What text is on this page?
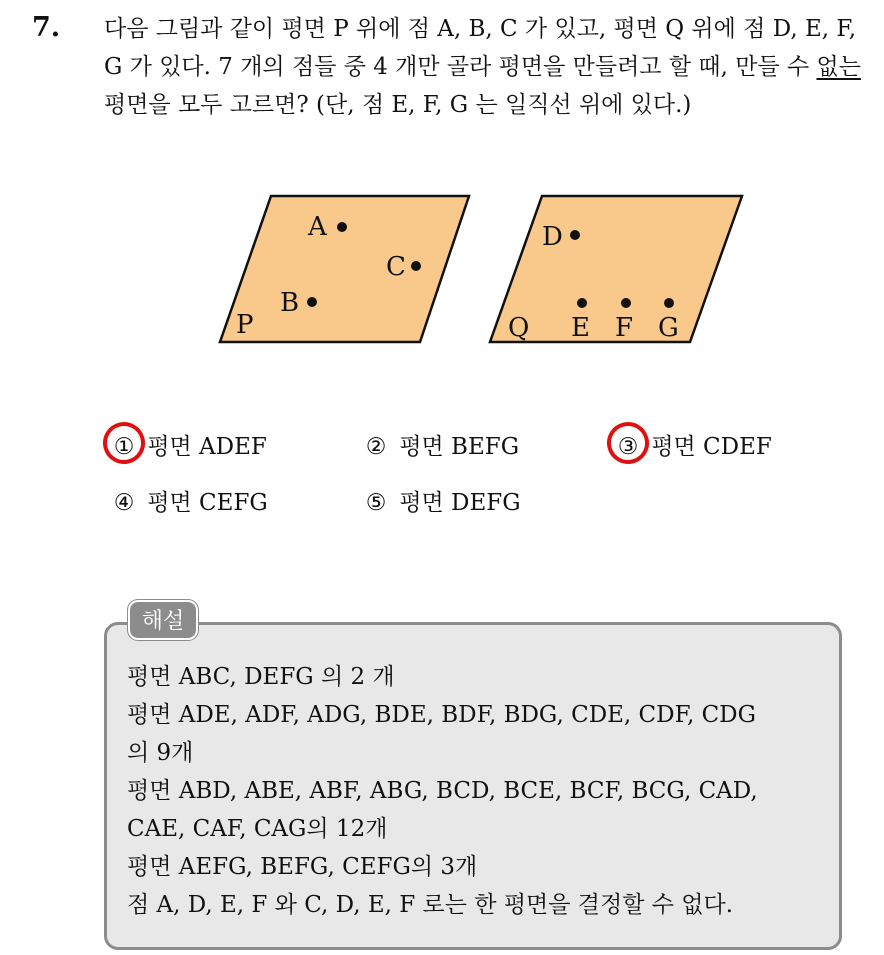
7. 다음 그림과 같이 평면 P 위에 점 A, B, C 가 있고, 평면 Q 위에 점 D, E, F, G 가 있다. 7 개의 점들 중 4 개만 골라 평면을 만들려고 할 때, 만들 수 없는 평면을 모두 고르면? (단, 점 E, F, G 는 일직선 위에 있다.)

A
C
B
P
D
E F G
Q
① 평면 ADEF	② 평면 BEFG	③ 평면 CDEF
④ 평면 CEFG	⑤ 평면 DEFG

평면 ABC, DEFG 의 2 개

평면 ADE, ADF, ADG, BDE, BDF, BDG, CDE, CDF, CDG

의 9개

평면 ABD, ABE, ABF, ABG, BCD, BCE, BCF, BCG, CAD,

CAE, CAF, CAG의 12개

평면 AEFG, BEFG, CEFG의 3개

점 A, D, E, F 와 C, D, E, F 로는 한 평면을 결정할 수 없다.

해설
